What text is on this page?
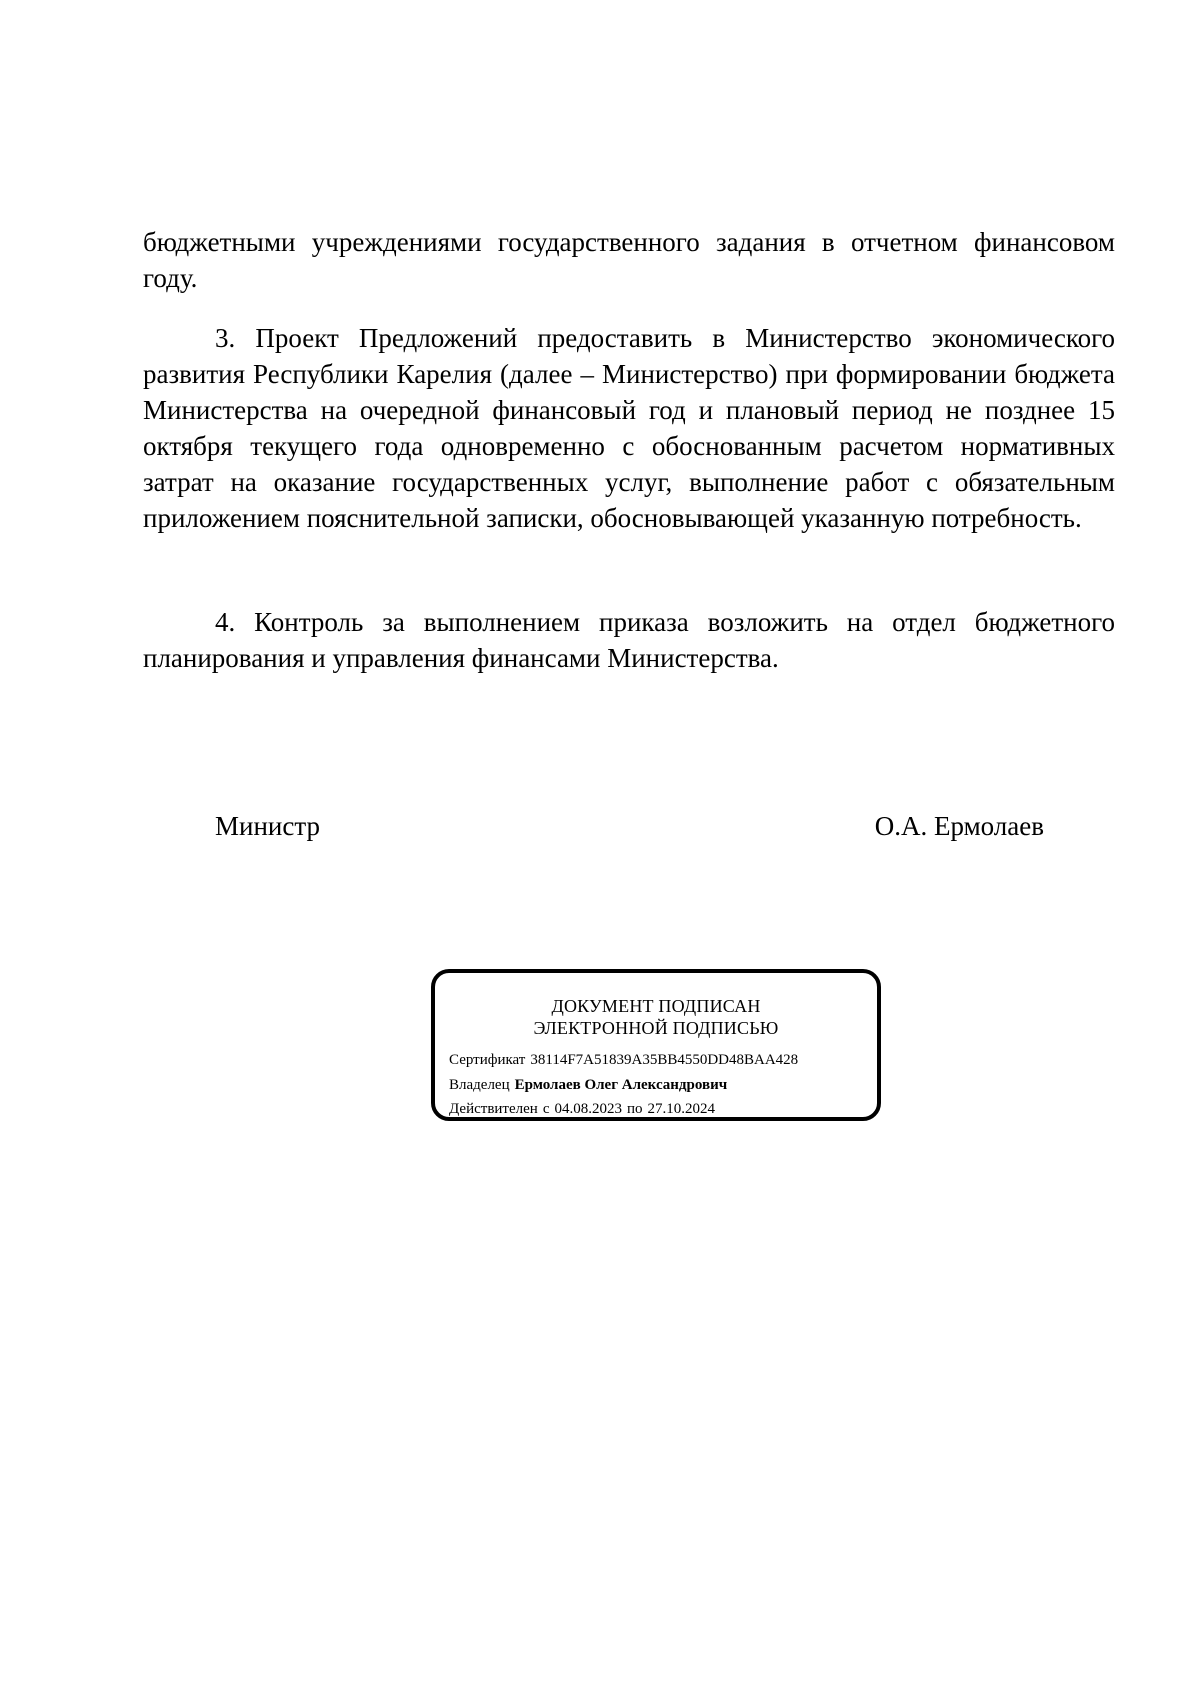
бюджетными учреждениями государственного задания в отчетном финансовом году.

3. Проект Предложений предоставить в Министерство экономического развития Республики Карелия (далее – Министерство) при формировании бюджета Министерства на очередной финансовый год и плановый период не позднее 15 октября текущего года одновременно с обоснованным расчетом нормативных затрат на оказание государственных услуг, выполнение работ с обязательным приложением пояснительной записки, обосновывающей указанную потребность.

4. Контроль за выполнением приказа возложить на отдел бюджетного планирования и управления финансами Министерства.

Министр	О.А. Ермолаев
ДОКУМЕНТ ПОДПИСАН
ЭЛЕКТРОННОЙ ПОДПИСЬЮ
Сертификат 38114F7A51839A35BB4550DD48BAA428
Владелец Ермолаев Олег Александрович
Действителен с 04.08.2023 по 27.10.2024
